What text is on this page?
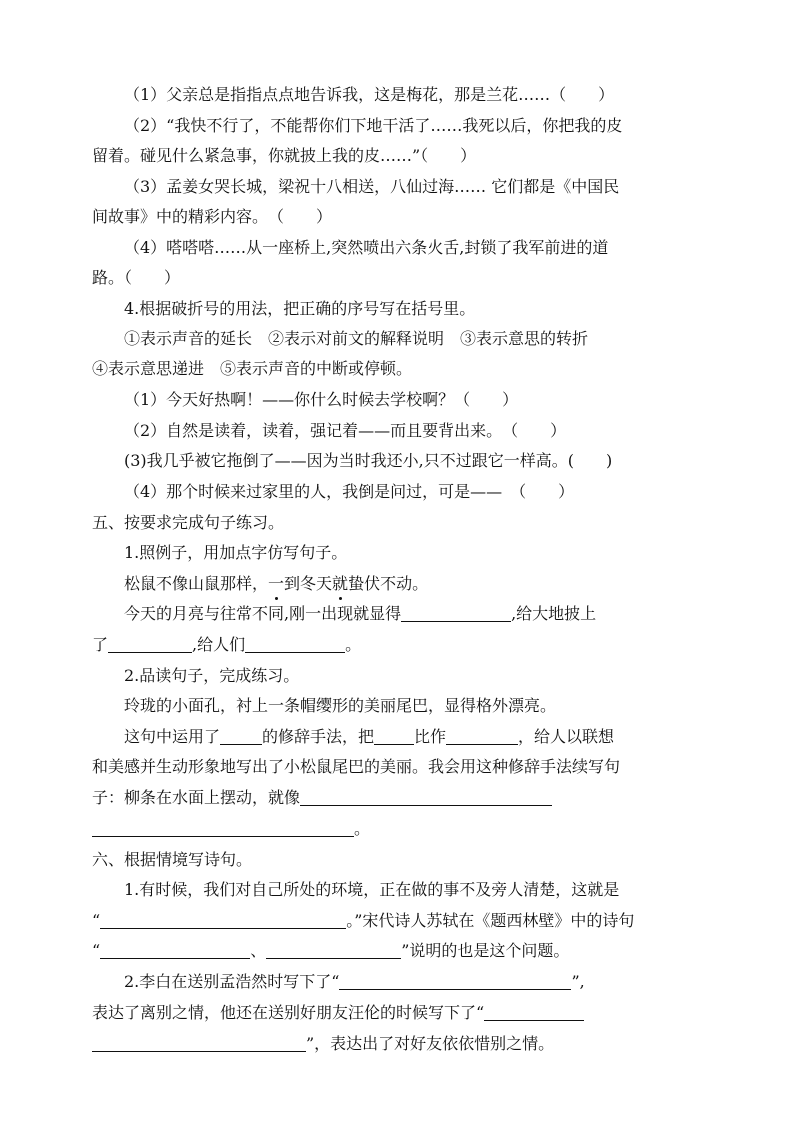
（1）父亲总是指指点点地告诉我，这是梅花，那是兰花……（　　）
（2）“我快不行了，不能帮你们下地干活了……我死以后，你把我的皮
留着。碰见什么紧急事，你就披上我的皮……”（　　）
（3）孟姜女哭长城，梁祝十八相送，八仙过海…… 它们都是《中国民
间故事》中的精彩内容。　（　　）
（4）嗒嗒嗒……从一座桥上,突然喷出六条火舌,封锁了我军前进的道
路。（　　）
4.根据破折号的用法，把正确的序号写在括号里。
①表示声音的延长　②表示对前文的解释说明　③表示意思的转折
④表示意思递进　⑤表示声音的中断或停顿。
（1）今天好热啊！——你什么时候去学校啊？（　　）
（2）自然是读着，读着，强记着——而且要背出来。　（　　）
(3)我几乎被它拖倒了——因为当时我还小,只不过跟它一样高。(　　)
（4）那个时候来过家里的人，我倒是问过，可是——　（　　）
五、按要求完成句子练习。
1.照例子，用加点字仿写句子。
松鼠不像山鼠那样，一到冬天就蛰伏不动。
今天的月亮与往常不同,刚一出现就显得	,给大地披上
了	,给人们	。
2.品读句子，完成练习。
玲珑的小面孔，衬上一条帽缨形的美丽尾巴，显得格外漂亮。
这句中运用了	的修辞手法，把	比作	，给人以联想
和美感并生动形象地写出了小松鼠尾巴的美丽。我会用这种修辞手法续写句
子：柳条在水面上摆动，就像
。
六、根据情境写诗句。
1.有时候，我们对自己所处的环境，正在做的事不及旁人清楚，这就是
“	。”宋代诗人苏轼在《题西林壁》中的诗句
“	、	”说明的也是这个问题。
2.李白在送别孟浩然时写下了“	”,
表达了离别之情，他还在送别好朋友汪伦的时候写下了“
”，表达出了对好友依依惜别之情。
